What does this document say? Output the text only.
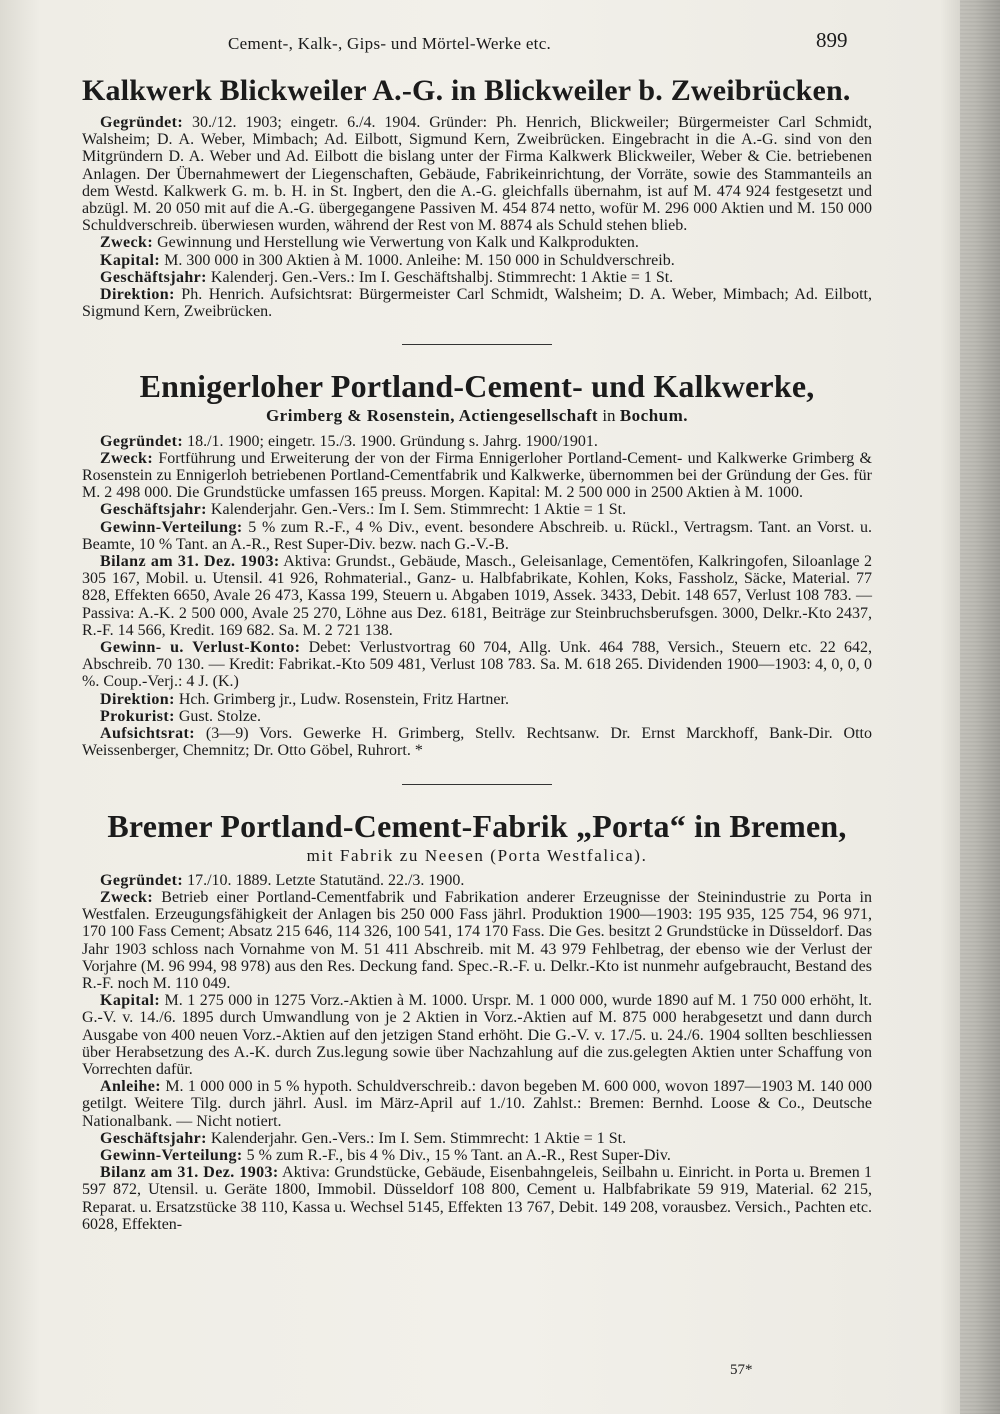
Cement-, Kalk-, Gips- und Mörtel-Werke etc.	899
Kalkwerk Blickweiler A.-G. in Blickweiler b. Zweibrücken.

Gegründet: 30./12. 1903; eingetr. 6./4. 1904. Gründer: Ph. Henrich, Blickweiler; Bürgermeister Carl Schmidt, Walsheim; D. A. Weber, Mimbach; Ad. Eilbott, Sigmund Kern, Zweibrücken. Eingebracht in die A.-G. sind von den Mitgründern D. A. Weber und Ad. Eilbott die bislang unter der Firma Kalkwerk Blickweiler, Weber & Cie. betriebenen Anlagen. Der Übernahmewert der Liegenschaften, Gebäude, Fabrikeinrichtung, der Vorräte, sowie des Stammanteils an dem Westd. Kalkwerk G. m. b. H. in St. Ingbert, den die A.-G. gleichfalls übernahm, ist auf M. 474 924 festgesetzt und abzügl. M. 20 050 mit auf die A.-G. übergegangene Passiven M. 454 874 netto, wofür M. 296 000 Aktien und M. 150 000 Schuldverschreib. überwiesen wurden, während der Rest von M. 8874 als Schuld stehen blieb.

Zweck: Gewinnung und Herstellung wie Verwertung von Kalk und Kalkprodukten.

Kapital: M. 300 000 in 300 Aktien à M. 1000. Anleihe: M. 150 000 in Schuldverschreib.

Geschäftsjahr: Kalenderj. Gen.-Vers.: Im I. Geschäftshalbj. Stimmrecht: 1 Aktie = 1 St.

Direktion: Ph. Henrich. Aufsichtsrat: Bürgermeister Carl Schmidt, Walsheim; D. A. Weber, Mimbach; Ad. Eilbott, Sigmund Kern, Zweibrücken.

Ennigerloher Portland-Cement- und Kalkwerke,
Grimberg & Rosenstein, Actiengesellschaft in Bochum.

Gegründet: 18./1. 1900; eingetr. 15./3. 1900. Gründung s. Jahrg. 1900/1901.

Zweck: Fortführung und Erweiterung der von der Firma Ennigerloher Portland-Cement- und Kalkwerke Grimberg & Rosenstein zu Ennigerloh betriebenen Portland-Cementfabrik und Kalkwerke, übernommen bei der Gründung der Ges. für M. 2 498 000. Die Grundstücke umfassen 165 preuss. Morgen. Kapital: M. 2 500 000 in 2500 Aktien à M. 1000.

Geschäftsjahr: Kalenderjahr. Gen.-Vers.: Im I. Sem. Stimmrecht: 1 Aktie = 1 St.

Gewinn-Verteilung: 5 % zum R.-F., 4 % Div., event. besondere Abschreib. u. Rückl., Vertragsm. Tant. an Vorst. u. Beamte, 10 % Tant. an A.-R., Rest Super-Div. bezw. nach G.-V.-B.

Bilanz am 31. Dez. 1903: Aktiva: Grundst., Gebäude, Masch., Geleisanlage, Cementöfen, Kalkringofen, Siloanlage 2 305 167, Mobil. u. Utensil. 41 926, Rohmaterial., Ganz- u. Halbfabrikate, Kohlen, Koks, Fassholz, Säcke, Material. 77 828, Effekten 6650, Avale 26 473, Kassa 199, Steuern u. Abgaben 1019, Assek. 3433, Debit. 148 657, Verlust 108 783. — Passiva: A.-K. 2 500 000, Avale 25 270, Löhne aus Dez. 6181, Beiträge zur Steinbruchsberufsgen. 3000, Delkr.-Kto 2437, R.-F. 14 566, Kredit. 169 682. Sa. M. 2 721 138.

Gewinn- u. Verlust-Konto: Debet: Verlustvortrag 60 704, Allg. Unk. 464 788, Versich., Steuern etc. 22 642, Abschreib. 70 130. — Kredit: Fabrikat.-Kto 509 481, Verlust 108 783. Sa. M. 618 265. Dividenden 1900—1903: 4, 0, 0, 0 %. Coup.-Verj.: 4 J. (K.)

Direktion: Hch. Grimberg jr., Ludw. Rosenstein, Fritz Hartner.

Prokurist: Gust. Stolze.

Aufsichtsrat: (3—9) Vors. Gewerke H. Grimberg, Stellv. Rechtsanw. Dr. Ernst Marckhoff, Bank-Dir. Otto Weissenberger, Chemnitz; Dr. Otto Göbel, Ruhrort. *

Bremer Portland-Cement-Fabrik „Porta“ in Bremen,
mit Fabrik zu Neesen (Porta Westfalica).

Gegründet: 17./10. 1889. Letzte Statutänd. 22./3. 1900.

Zweck: Betrieb einer Portland-Cementfabrik und Fabrikation anderer Erzeugnisse der Steinindustrie zu Porta in Westfalen. Erzeugungsfähigkeit der Anlagen bis 250 000 Fass jährl. Produktion 1900—1903: 195 935, 125 754, 96 971, 170 100 Fass Cement; Absatz 215 646, 114 326, 100 541, 174 170 Fass. Die Ges. besitzt 2 Grundstücke in Düsseldorf. Das Jahr 1903 schloss nach Vornahme von M. 51 411 Abschreib. mit M. 43 979 Fehlbetrag, der ebenso wie der Verlust der Vorjahre (M. 96 994, 98 978) aus den Res. Deckung fand. Spec.-R.-F. u. Delkr.-Kto ist nunmehr aufgebraucht, Bestand des R.-F. noch M. 110 049.

Kapital: M. 1 275 000 in 1275 Vorz.-Aktien à M. 1000. Urspr. M. 1 000 000, wurde 1890 auf M. 1 750 000 erhöht, lt. G.-V. v. 14./6. 1895 durch Umwandlung von je 2 Aktien in Vorz.-Aktien auf M. 875 000 herabgesetzt und dann durch Ausgabe von 400 neuen Vorz.-Aktien auf den jetzigen Stand erhöht. Die G.-V. v. 17./5. u. 24./6. 1904 sollten beschliessen über Herabsetzung des A.-K. durch Zus.legung sowie über Nachzahlung auf die zus.gelegten Aktien unter Schaffung von Vorrechten dafür.

Anleihe: M. 1 000 000 in 5 % hypoth. Schuldverschreib.: davon begeben M. 600 000, wovon 1897—1903 M. 140 000 getilgt. Weitere Tilg. durch jährl. Ausl. im März-April auf 1./10. Zahlst.: Bremen: Bernhd. Loose & Co., Deutsche Nationalbank. — Nicht notiert.

Geschäftsjahr: Kalenderjahr. Gen.-Vers.: Im I. Sem. Stimmrecht: 1 Aktie = 1 St.

Gewinn-Verteilung: 5 % zum R.-F., bis 4 % Div., 15 % Tant. an A.-R., Rest Super-Div.

Bilanz am 31. Dez. 1903: Aktiva: Grundstücke, Gebäude, Eisenbahngeleis, Seilbahn u. Einricht. in Porta u. Bremen 1 597 872, Utensil. u. Geräte 1800, Immobil. Düsseldorf 108 800, Cement u. Halbfabrikate 59 919, Material. 62 215, Reparat. u. Ersatzstücke 38 110, Kassa u. Wechsel 5145, Effekten 13 767, Debit. 149 208, vorausbez. Versich., Pachten etc. 6028, Effekten-

57*
